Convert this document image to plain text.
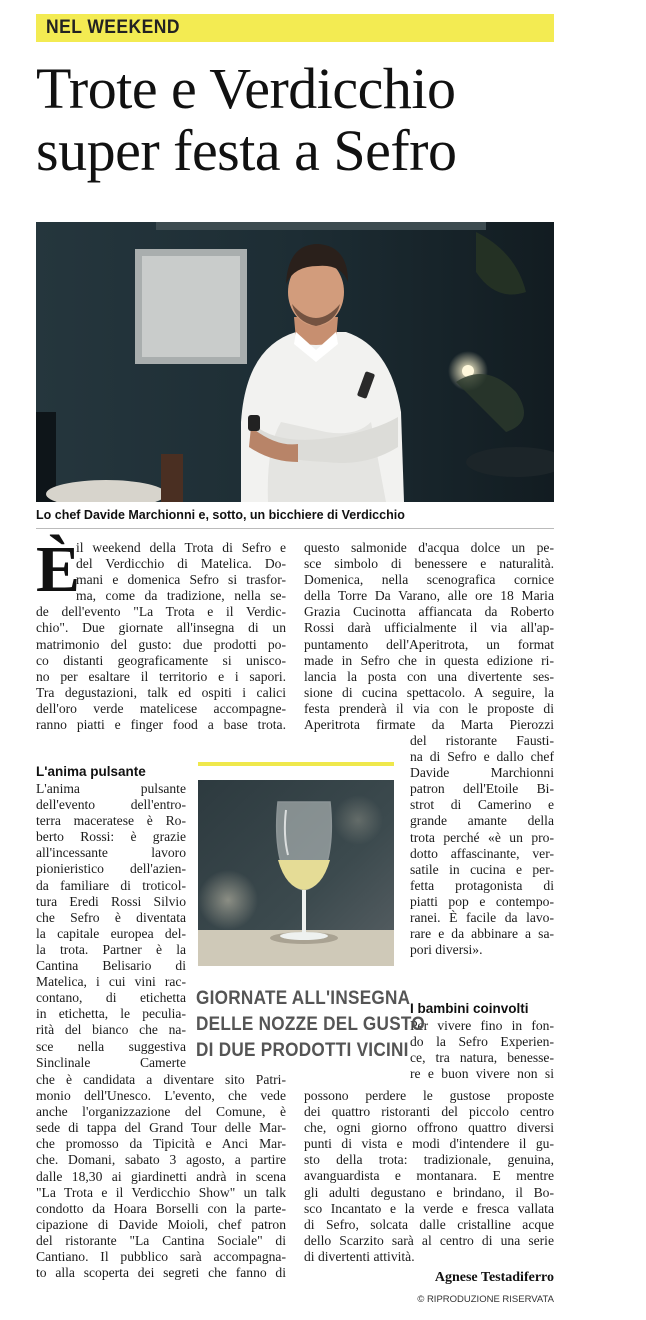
NEL WEEKEND
Trote e Verdicchio
super festa a Sefro
Lo chef Davide Marchionni e, sotto, un bicchiere di Verdicchio
È
il weekend della Trota di Sefro e
del Verdicchio di Matelica. Do-
mani e domenica Sefro si trasfor-
ma, come da tradizione, nella se-
de dell'evento "La Trota e il Verdic-
chio". Due giornate all'insegna di un
matrimonio del gusto: due prodotti po-
co distanti geograficamente si unisco-
no per esaltare il territorio e i sapori.
Tra degustazioni, talk ed ospiti i calici
dell'oro verde matelicese accompagne-
ranno piatti e finger food a base trota.
L'anima pulsante
L'anima pulsante
dell'evento dell'entro-
terra maceratese è Ro-
berto Rossi: è grazie
all'incessante lavoro
pionieristico dell'azien-
da familiare di troticol-
tura Eredi Rossi Silvio
che Sefro è diventata
la capitale europea del-
la trota. Partner è la
Cantina Belisario di
Matelica, i cui vini rac-
contano, di etichetta
in etichetta, le peculia-
rità del bianco che na-
sce nella suggestiva
Sinclinale Camerte
che è candidata a diventare sito Patri-
monio dell'Unesco. L'evento, che vede
anche l'organizzazione del Comune, è
sede di tappa del Grand Tour delle Mar-
che promosso da Tipicità e Anci Mar-
che. Domani, sabato 3 agosto, a partire
dalle 18,30 ai giardinetti andrà in scena
"La Trota e il Verdicchio Show" un talk
condotto da Hoara Borselli con la parte-
cipazione di Davide Moioli, chef patron
del ristorante "La Cantina Sociale" di
Cantiano. Il pubblico sarà accompagna-
to alla scoperta dei segreti che fanno di
questo salmonide d'acqua dolce un pe-
sce simbolo di benessere e naturalità.
Domenica, nella scenografica cornice
della Torre Da Varano, alle ore 18 Maria
Grazia Cucinotta affiancata da Roberto
Rossi darà ufficialmente il via all'ap-
puntamento dell'Aperitrota, un format
made in Sefro che in questa edizione ri-
lancia la posta con una divertente ses-
sione di cucina spettacolo. A seguire, la
festa prenderà il via con le proposte di
Aperitrota firmate da Marta Pierozzi
del ristorante Fausti-
na di Sefro e dallo chef
Davide Marchionni
patron dell'Etoile Bi-
strot di Camerino e
grande amante della
trota perché «è un pro-
dotto affascinante, ver-
satile in cucina e per-
fetta protagonista di
piatti pop e contempo-
ranei. È facile da lavo-
rare e da abbinare a sa-
pori diversi».
I bambini coinvolti
Per vivere fino in fon-
do la Sefro Experien-
ce, tra natura, benesse-
re e buon vivere non si
possono perdere le gustose proposte
dei quattro ristoranti del piccolo centro
che, ogni giorno offrono quattro diversi
punti di vista e modi d'intendere il gu-
sto della trota: tradizionale, genuina,
avanguardista e montanara. E mentre
gli adulti degustano e brindano, il Bo-
sco Incantato e la verde e fresca vallata
di Sefro, solcata dalle cristalline acque
dello Scarzito sarà al centro di una serie
di divertenti attività.
GIORNATE ALL'INSEGNA
DELLE NOZZE DEL GUSTO
DI DUE PRODOTTI VICINI
Agnese Testadiferro
© RIPRODUZIONE RISERVATA
